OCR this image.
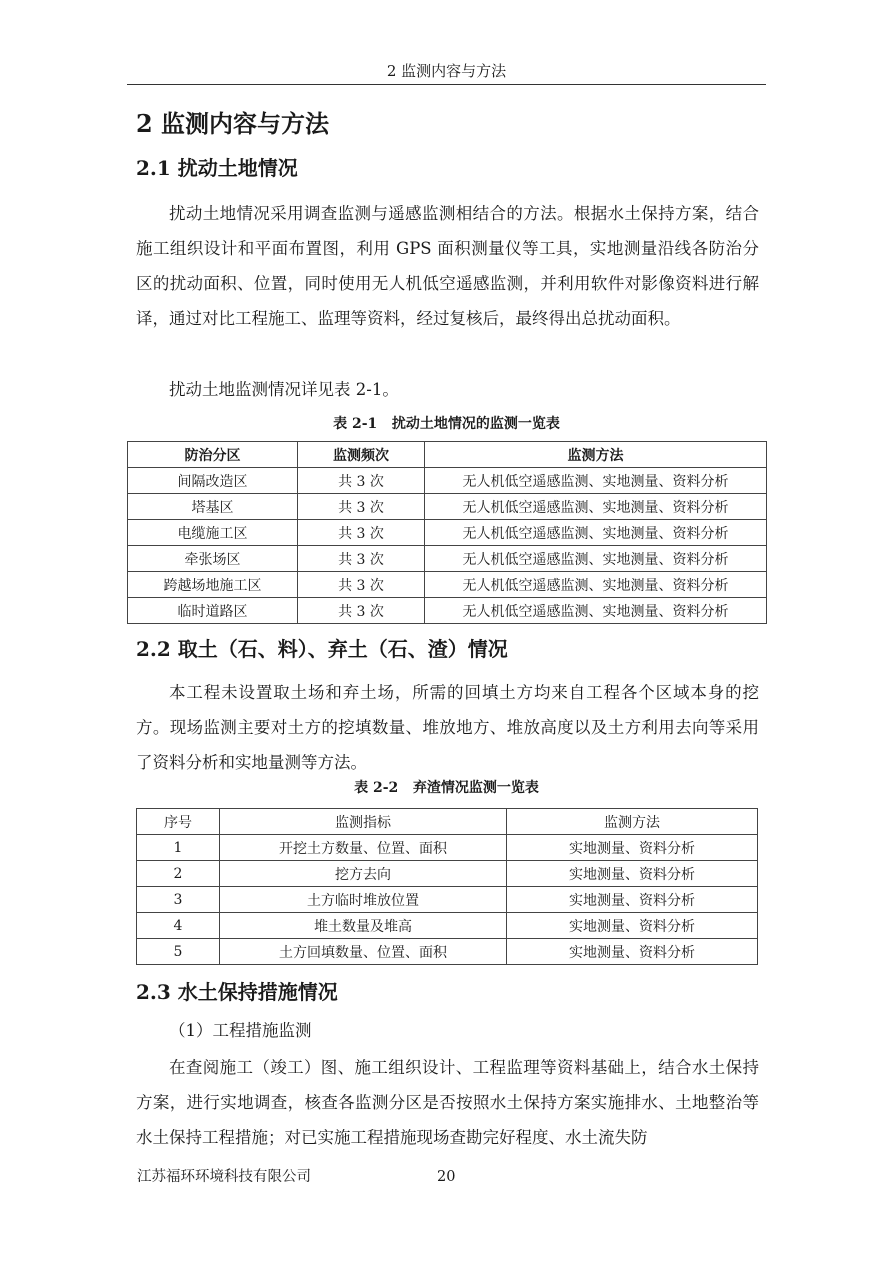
2 监测内容与方法
2 监测内容与方法
2.1 扰动土地情况

扰动土地情况采用调查监测与遥感监测相结合的方法。根据水土保持方案，结合施工组织设计和平面布置图，利用 GPS 面积测量仪等工具，实地测量沿线各防治分区的扰动面积、位置，同时使用无人机低空遥感监测，并利用软件对影像资料进行解译，通过对比工程施工、监理等资料，经过复核后，最终得出总扰动面积。

扰动土地监测情况详见表 2-1。

表 2-1   扰动土地情况的监测一览表
防治分区	监测频次	监测方法
间隔改造区	共 3 次	无人机低空遥感监测、实地测量、资料分析
塔基区	共 3 次	无人机低空遥感监测、实地测量、资料分析
电缆施工区	共 3 次	无人机低空遥感监测、实地测量、资料分析
牵张场区	共 3 次	无人机低空遥感监测、实地测量、资料分析
跨越场地施工区	共 3 次	无人机低空遥感监测、实地测量、资料分析
临时道路区	共 3 次	无人机低空遥感监测、实地测量、资料分析
2.2 取土（石、料）、弃土（石、渣）情况

本工程未设置取土场和弃土场，所需的回填土方均来自工程各个区域本身的挖方。现场监测主要对土方的挖填数量、堆放地方、堆放高度以及土方利用去向等采用了资料分析和实地量测等方法。

表 2-2   弃渣情况监测一览表
序号	监测指标	监测方法
1	开挖土方数量、位置、面积	实地测量、资料分析
2	挖方去向	实地测量、资料分析
3	土方临时堆放位置	实地测量、资料分析
4	堆土数量及堆高	实地测量、资料分析
5	土方回填数量、位置、面积	实地测量、资料分析
2.3 水土保持措施情况

（1）工程措施监测

在查阅施工（竣工）图、施工组织设计、工程监理等资料基础上，结合水土保持方案，进行实地调查，核查各监测分区是否按照水土保持方案实施排水、土地整治等水土保持工程措施；对已实施工程措施现场查勘完好程度、水土流失防

江苏福环环境科技有限公司	20
